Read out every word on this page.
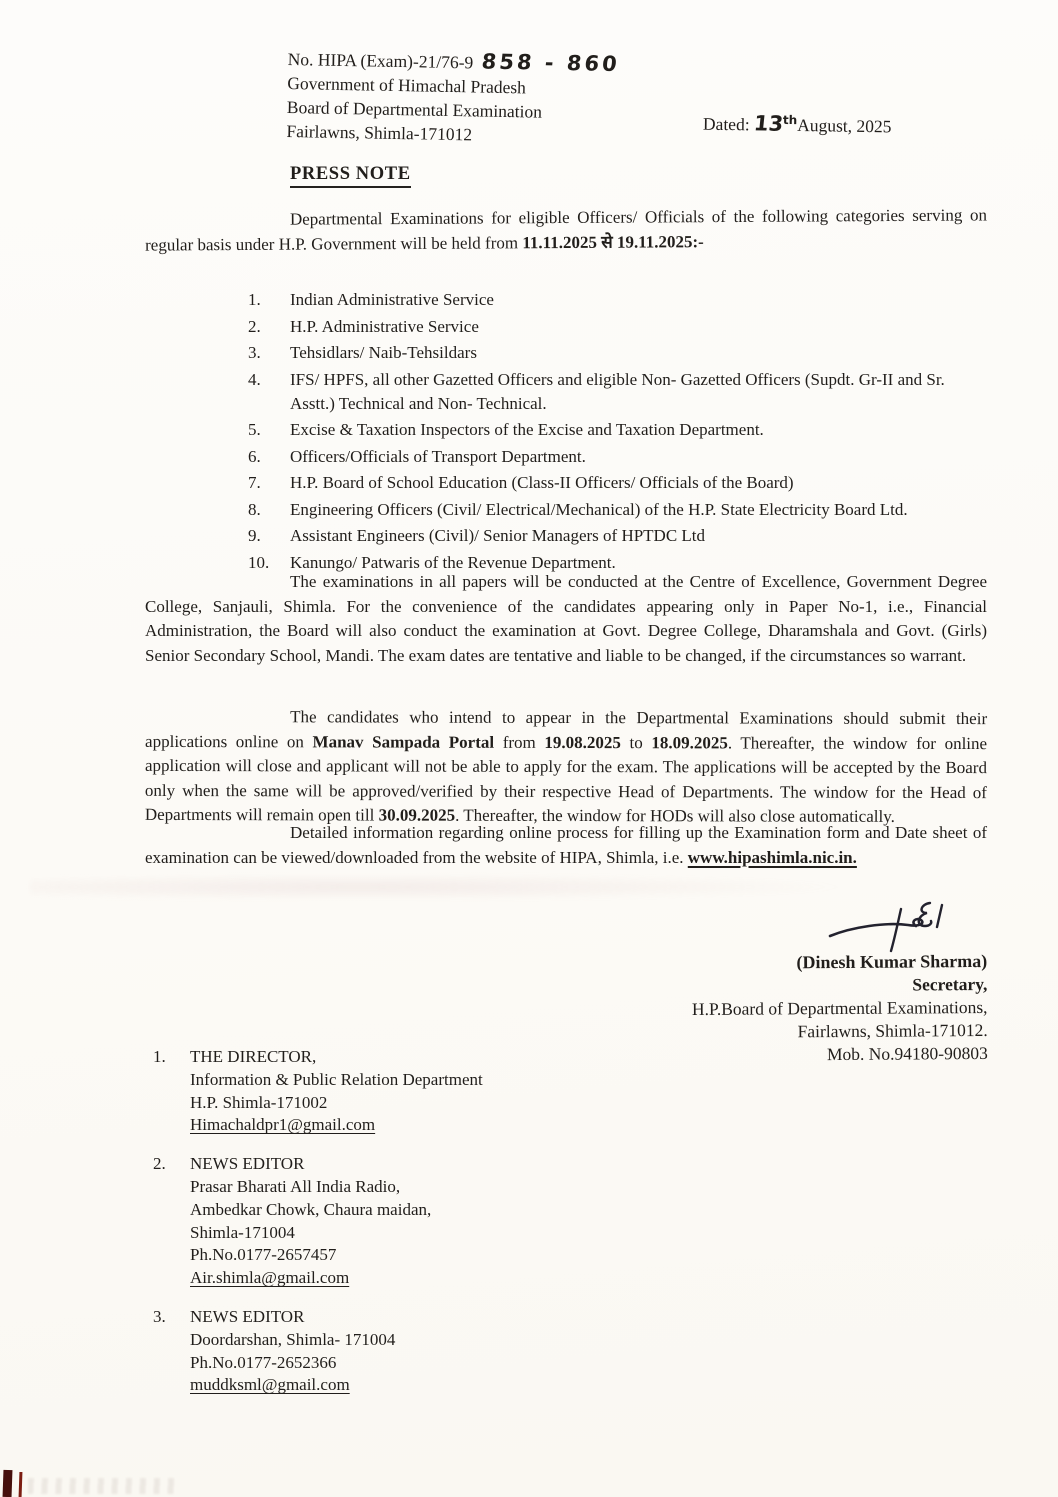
No. HIPA (Exam)-21/76-9 858 - 860
Government of Himachal Pradesh
Board of Departmental Examination
Fairlawns, Shimla-171012	Dated: 13thAugust, 2025
PRESS NOTE
Departmental Examinations for eligible Officers/ Officials of the following categories serving on regular basis under H.P. Government will be held from 11.11.2025 से 19.11.2025:-
1.	Indian Administrative Service
2.	H.P. Administrative Service
3.	Tehsidlars/ Naib-Tehsildars
4.	IFS/ HPFS, all other Gazetted Officers and eligible Non- Gazetted Officers (Supdt. Gr-II and Sr. Asstt.) Technical and Non- Technical.
5.	Excise & Taxation Inspectors of the Excise and Taxation Department.
6.	Officers/Officials of Transport Department.
7.	H.P. Board of School Education (Class-II Officers/ Officials of the Board)
8.	Engineering Officers (Civil/ Electrical/Mechanical) of the H.P. State Electricity Board Ltd.
9.	Assistant Engineers (Civil)/ Senior Managers of HPTDC Ltd
10.	Kanungo/ Patwaris of the Revenue Department.
The examinations in all papers will be conducted at the Centre of Excellence, Government Degree College, Sanjauli, Shimla. For the convenience of the candidates appearing only in Paper No-1, i.e., Financial Administration, the Board will also conduct the examination at Govt. Degree College, Dharamshala and Govt. (Girls) Senior Secondary School, Mandi. The exam dates are tentative and liable to be changed, if the circumstances so warrant.
The candidates who intend to appear in the Departmental Examinations should submit their applications online on Manav Sampada Portal from 19.08.2025 to 18.09.2025. Thereafter, the window for online application will close and applicant will not be able to apply for the exam. The applications will be accepted by the Board only when the same will be approved/verified by their respective Head of Departments. The window for the Head of Departments will remain open till 30.09.2025. Thereafter, the window for HODs will also close automatically.
Detailed information regarding online process for filling up the Examination form and Date sheet of examination can be viewed/downloaded from the website of HIPA, Shimla, i.e. www.hipashimla.nic.in.
(Dinesh Kumar Sharma)
Secretary,
H.P.Board of Departmental Examinations,
Fairlawns, Shimla-171012.
Mob. No.94180-90803
1.	THE DIRECTOR,
Information & Public Relation Department
H.P. Shimla-171002
Himachaldpr1@gmail.com
2.	NEWS EDITOR
Prasar Bharati All India Radio,
Ambedkar Chowk, Chaura maidan,
Shimla-171004
Ph.No.0177-2657457
Air.shimla@gmail.com
3.	NEWS EDITOR
Doordarshan, Shimla- 171004
Ph.No.0177-2652366
muddksml@gmail.com
